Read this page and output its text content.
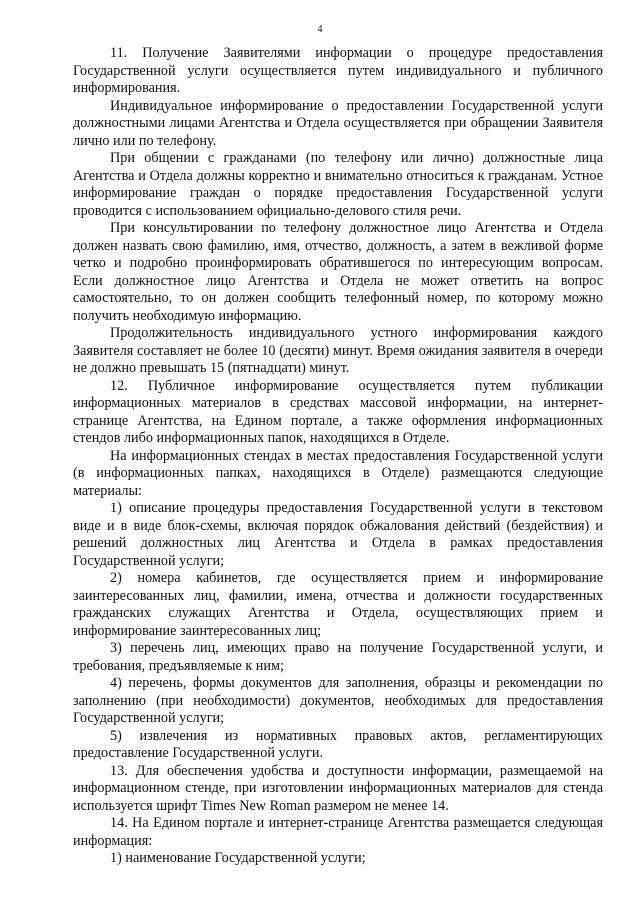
4

11. Получение Заявителями информации о процедуре предоставления Государственной услуги осуществляется путем индивидуального и публичного информирования.

Индивидуальное информирование о предоставлении Государственной услуги должностными лицами Агентства и Отдела осуществляется при обращении Заявителя лично или по телефону.

При общении с гражданами (по телефону или лично) должностные лица Агентства и Отдела должны корректно и внимательно относиться к гражданам. Устное информирование граждан о порядке предоставления Государственной услуги проводится с использованием официально-делового стиля речи.

При консультировании по телефону должностное лицо Агентства и Отдела должен назвать свою фамилию, имя, отчество, должность, а затем в вежливой форме четко и подробно проинформировать обратившегося по интересующим вопросам. Если должностное лицо Агентства и Отдела не может ответить на вопрос самостоятельно, то он должен сообщить телефонный номер, по которому можно получить необходимую информацию.

Продолжительность индивидуального устного информирования каждого Заявителя составляет не более 10 (десяти) минут. Время ожидания заявителя в очереди не должно превышать 15 (пятнадцати) минут.

12. Публичное информирование осуществляется путем публикации информационных материалов в средствах массовой информации, на интернет-странице Агентства, на Едином портале, а также оформления информационных стендов либо информационных папок, находящихся в Отделе.

На информационных стендах в местах предоставления Государственной услуги (в информационных папках, находящихся в Отделе) размещаются следующие материалы:

1) описание процедуры предоставления Государственной услуги в текстовом виде и в виде блок-схемы, включая порядок обжалования действий (бездействия) и решений должностных лиц Агентства и Отдела в рамках предоставления Государственной услуги;

2) номера кабинетов, где осуществляется прием и информирование заинтересованных лиц, фамилии, имена, отчества и должности государственных гражданских служащих Агентства и Отдела, осуществляющих прием и информирование заинтересованных лиц;

3) перечень лиц, имеющих право на получение Государственной услуги, и требования, предъявляемые к ним;

4) перечень, формы документов для заполнения, образцы и рекомендации по заполнению (при необходимости) документов, необходимых для предоставления Государственной услуги;

5) извлечения из нормативных правовых актов, регламентирующих предоставление Государственной услуги.

13. Для обеспечения удобства и доступности информации, размещаемой на информационном стенде, при изготовлении информационных материалов для стенда используется шрифт Times New Roman размером не менее 14.

14. На Едином портале и интернет-странице Агентства размещается следующая информация:

1) наименование Государственной услуги;
